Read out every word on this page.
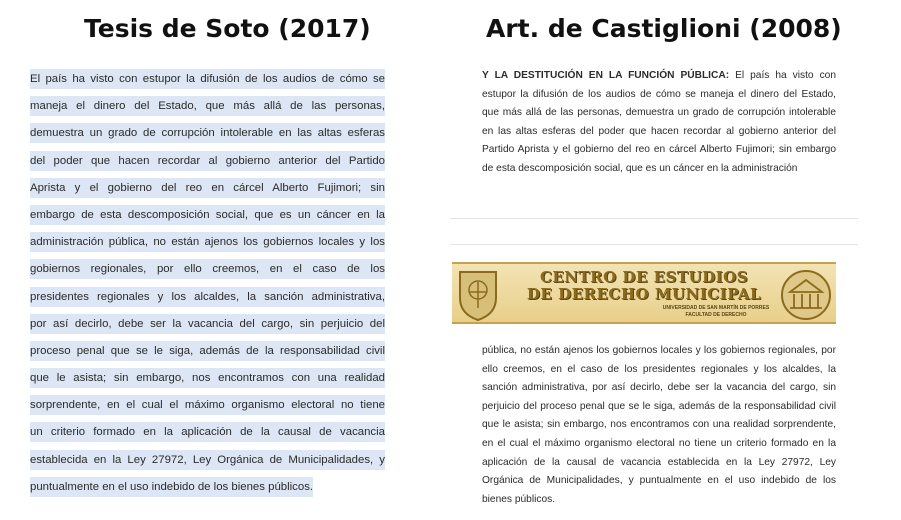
Tesis de Soto (2017)	Art. de Castiglioni (2008)
El país ha visto con estupor la difusión de los audios de cómo se
maneja el dinero del Estado, que más allá de las personas,
demuestra un grado de corrupción intolerable en las altas esferas
del poder que hacen recordar al gobierno anterior del Partido
Aprista y el gobierno del reo en cárcel Alberto Fujimori; sin
embargo de esta descomposición social, que es un cáncer en la
administración pública, no están ajenos los gobiernos locales y los
gobiernos regionales, por ello creemos, en el caso de los
presidentes regionales y los alcaldes, la sanción administrativa,
por así decirlo, debe ser la vacancia del cargo, sin perjuicio del
proceso penal que se le siga, además de la responsabilidad civil
que le asista; sin embargo, nos encontramos con una realidad
sorprendente, en el cual el máximo organismo electoral no tiene
un criterio formado en la aplicación de la causal de vacancia
establecida en la Ley 27972, Ley Orgánica de Municipalidades, y
puntualmente en el uso indebido de los bienes públicos.
Y LA DESTITUCIÓN EN LA FUNCIÓN PÚBLICA: El país ha visto con
estupor la difusión de los audios de cómo se maneja el dinero del Estado,
que más allá de las personas, demuestra un grado de corrupción intolerable
en las altas esferas del poder que hacen recordar al gobierno anterior del
Partido Aprista y el gobierno del reo en cárcel Alberto Fujimori; sin embargo
de esta descomposición social, que es un cáncer en la administración
CENTRO DE ESTUDIOS
DE DERECHO MUNICIPAL
UNIVERSIDAD DE SAN MARTÍN DE PORRES
FACULTAD DE DERECHO
pública, no están ajenos los gobiernos locales y los gobiernos regionales, por
ello creemos, en el caso de los presidentes regionales y los alcaldes, la
sanción administrativa, por así decirlo, debe ser la vacancia del cargo, sin
perjuicio del proceso penal que se le siga, además de la responsabilidad civil
que le asista; sin embargo, nos encontramos con una realidad sorprendente,
en el cual el máximo organismo electoral no tiene un criterio formado en la
aplicación de la causal de vacancia establecida en la Ley 27972, Ley
Orgánica de Municipalidades, y puntualmente en el uso indebido de los
bienes públicos.
